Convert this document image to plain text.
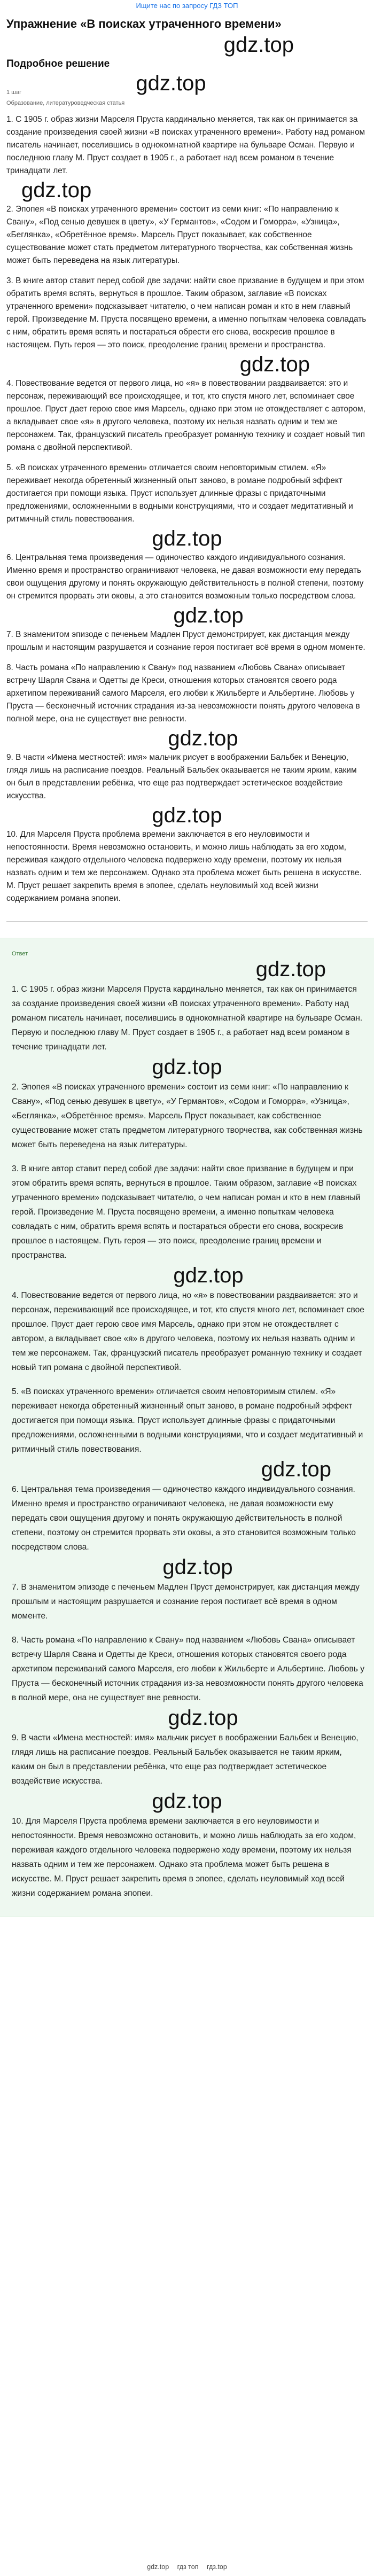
Ищите нас по запросу ГДЗ ТОП
Упражнение «В поисках утраченного времени»
gdz.top
Подробное решение
gdz.top
1 шаг
Образование, литературоведческая статья

1. С 1905 г. образ жизни Марселя Пруста кардинально меняется, так как он принимается за создание произведения своей жизни «В поисках утраченного времени». Работу над романом писатель начинает, поселившись в однокомнатной квартире на бульваре Осман. Первую и последнюю главу М. Пруст создает в 1905 г., а работает над всем романом в течение тринадцати лет.

gdz.top

2. Эпопея «В поисках утраченного времени» состоит из семи книг: «По направлению к Свану», «Под сенью девушек в цвету», «У Германтов», «Содом и Гоморра», «Узница», «Беглянка», «Обретённое время». Марсель Пруст показывает, как собственное существование может стать предметом литературного творчества, как собственная жизнь может быть переведена на язык литературы.

3. В книге автор ставит перед собой две задачи: найти свое призвание в будущем и при этом обратить время вспять, вернуться в прошлое. Таким образом, заглавие «В поисках утраченного времени» подсказывает читателю, о чем написан роман и кто в нем главный герой. Произведение М. Пруста посвящено времени, а именно попыткам человека совладать с ним, обратить время вспять и постараться обрести его снова, воскресив прошлое в настоящем. Путь героя — это поиск, преодоление границ времени и пространства.

gdz.top

4. Повествование ведется от первого лица, но «я» в повествовании раздваивается: это и персонаж, переживающий все происходящее, и тот, кто спустя много лет, вспоминает свое прошлое. Пруст дает герою свое имя Марсель, однако при этом не отождествляет с автором, а вкладывает свое «я» в другого человека, поэтому их нельзя назвать одним и тем же персонажем. Так, французский писатель преобразует романную технику и создает новый тип романа с двойной перспективой.

5. «В поисках утраченного времени» отличается своим неповторимым стилем. «Я» переживает некогда обретенный жизненный опыт заново, в романе подробный эффект достигается при помощи языка. Пруст использует длинные фразы с придаточными предложениями, осложненными в водными конструкциями, что и создает медитативный и ритмичный стиль повествования.

gdz.top

6. Центральная тема произведения — одиночество каждого индивидуального сознания. Именно время и пространство ограничивают человека, не давая возможности ему передать свои ощущения другому и понять окружающую действительность в полной степени, поэтому он стремится прорвать эти оковы, а это становится возможным только посредством слова.

gdz.top

7. В знаменитом эпизоде с печеньем Мадлен Пруст демонстрирует, как дистанция между прошлым и настоящим разрушается и сознание героя постигает всё время в одном моменте.

8. Часть романа «По направлению к Свану» под названием «Любовь Свана» описывает встречу Шарля Свана и Одетты де Креси, отношения которых становятся своего рода архетипом переживаний самого Марселя, его любви к Жильберте и Альбертине. Любовь у Пруста — бесконечный источник страдания из-за невозможности понять другого человека в полной мере, она не существует вне ревности.

gdz.top

9. В части «Имена местностей: имя» мальчик рисует в воображении Бальбек и Венецию, глядя лишь на расписание поездов. Реальный Бальбек оказывается не таким ярким, каким он был в представлении ребёнка, что еще раз подтверждает эстетическое воздействие искусства.

gdz.top

10. Для Марселя Пруста проблема времени заключается в его неуловимости и непостоянности. Время невозможно остановить, и можно лишь наблюдать за его ходом, переживая каждого отдельного человека подвержено ходу времени, поэтому их нельзя назвать одним и тем же персонажем. Однако эта проблема может быть решена в искусстве. М. Пруст решает закрепить время в эпопее, сделать неуловимый ход всей жизни содержанием романа эпопеи.

Ответ
gdz.top

1. С 1905 г. образ жизни Марселя Пруста кардинально меняется, так как он принимается за создание произведения своей жизни «В поисках утраченного времени». Работу над романом писатель начинает, поселившись в однокомнатной квартире на бульваре Осман. Первую и последнюю главу М. Пруст создает в 1905 г., а работает над всем романом в течение тринадцати лет.

gdz.top

2. Эпопея «В поисках утраченного времени» состоит из семи книг: «По направлению к Свану», «Под сенью девушек в цвету», «У Германтов», «Содом и Гоморра», «Узница», «Беглянка», «Обретённое время». Марсель Пруст показывает, как собственное существование может стать предметом литературного творчества, как собственная жизнь может быть переведена на язык литературы.

3. В книге автор ставит перед собой две задачи: найти свое призвание в будущем и при этом обратить время вспять, вернуться в прошлое. Таким образом, заглавие «В поисках утраченного времени» подсказывает читателю, о чем написан роман и кто в нем главный герой. Произведение М. Пруста посвящено времени, а именно попыткам человека совладать с ним, обратить время вспять и постараться обрести его снова, воскресив прошлое в настоящем. Путь героя — это поиск, преодоление границ времени и пространства.

gdz.top

4. Повествование ведется от первого лица, но «я» в повествовании раздваивается: это и персонаж, переживающий все происходящее, и тот, кто спустя много лет, вспоминает свое прошлое. Пруст дает герою свое имя Марсель, однако при этом не отождествляет с автором, а вкладывает свое «я» в другого человека, поэтому их нельзя назвать одним и тем же персонажем. Так, французский писатель преобразует романную технику и создает новый тип романа с двойной перспективой.

5. «В поисках утраченного времени» отличается своим неповторимым стилем. «Я» переживает некогда обретенный жизненный опыт заново, в романе подробный эффект достигается при помощи языка. Пруст использует длинные фразы с придаточными предложениями, осложненными в водными конструкциями, что и создает медитативный и ритмичный стиль повествования.

gdz.top

6. Центральная тема произведения — одиночество каждого индивидуального сознания. Именно время и пространство ограничивают человека, не давая возможности ему передать свои ощущения другому и понять окружающую действительность в полной степени, поэтому он стремится прорвать эти оковы, а это становится возможным только посредством слова.

gdz.top

7. В знаменитом эпизоде с печеньем Мадлен Пруст демонстрирует, как дистанция между прошлым и настоящим разрушается и сознание героя постигает всё время в одном моменте.

8. Часть романа «По направлению к Свану» под названием «Любовь Свана» описывает встречу Шарля Свана и Одетты де Креси, отношения которых становятся своего рода архетипом переживаний самого Марселя, его любви к Жильберте и Альбертине. Любовь у Пруста — бесконечный источник страдания из-за невозможности понять другого человека в полной мере, она не существует вне ревности.

gdz.top

9. В части «Имена местностей: имя» мальчик рисует в воображении Бальбек и Венецию, глядя лишь на расписание поездов. Реальный Бальбек оказывается не таким ярким, каким он был в представлении ребёнка, что еще раз подтверждает эстетическое воздействие искусства.

gdz.top

10. Для Марселя Пруста проблема времени заключается в его неуловимости и непостоянности. Время невозможно остановить, и можно лишь наблюдать за его ходом, переживая каждого отдельного человека подвержено ходу времени, поэтому их нельзя назвать одним и тем же персонажем. Однако эта проблема может быть решена в искусстве. М. Пруст решает закрепить время в эпопее, сделать неуловимый ход всей жизни содержанием романа эпопеи.

gdz.top гдз топ гдз.top
